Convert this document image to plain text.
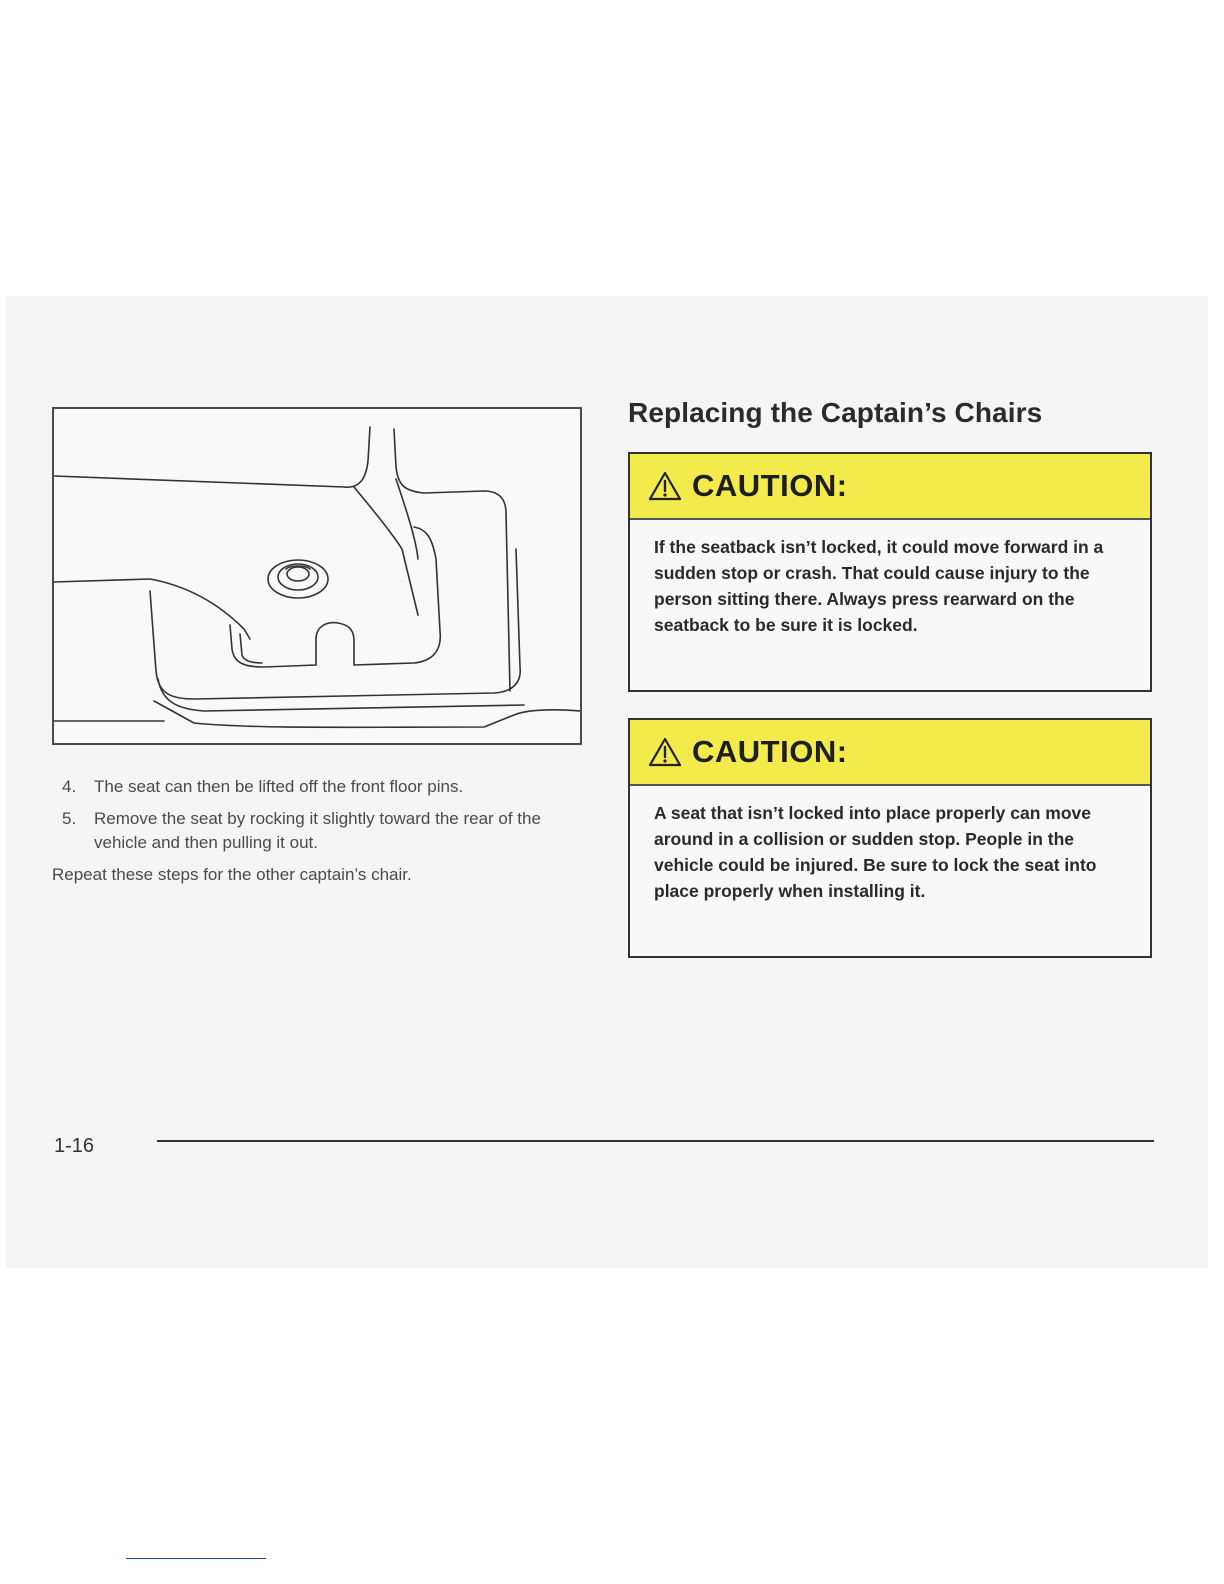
4. The seat can then be lifted off the front floor pins.
5. Remove the seat by rocking it slightly toward the rear of the vehicle and then pulling it out.
Repeat these steps for the other captain’s chair.
Replacing the Captain’s Chairs
CAUTION:

If the seatback isn’t locked, it could move forward in a sudden stop or crash. That could cause injury to the person sitting there. Always press rearward on the seatback to be sure it is locked.

CAUTION:

A seat that isn’t locked into place properly can move around in a collision or sudden stop. People in the vehicle could be injured. Be sure to lock the seat into place properly when installing it.

1-16
